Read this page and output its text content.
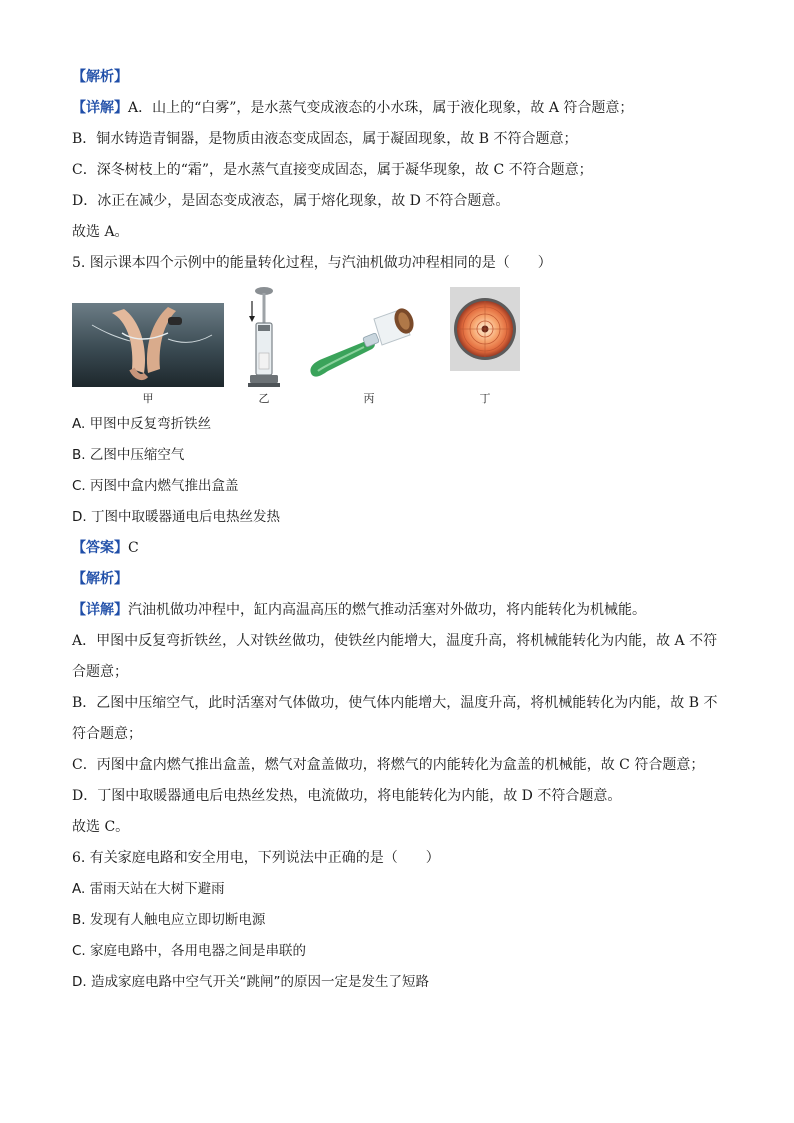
【解析】
【详解】A．山上的“白雾”，是水蒸气变成液态的小水珠，属于液化现象，故 A 符合题意；
B．铜水铸造青铜器，是物质由液态变成固态，属于凝固现象，故 B 不符合题意；
C．深冬树枝上的“霜”，是水蒸气直接变成固态，属于凝华现象，故 C 不符合题意；
D．冰正在减少，是固态变成液态，属于熔化现象，故 D 不符合题意。
故选 A。
5. 图示课本四个示例中的能量转化过程，与汽油机做功冲程相同的是（　　）
甲	乙	丙	丁
A. 甲图中反复弯折铁丝
B. 乙图中压缩空气
C. 丙图中盒内燃气推出盒盖
D. 丁图中取暖器通电后电热丝发热
【答案】C
【解析】
【详解】汽油机做功冲程中，缸内高温高压的燃气推动活塞对外做功，将内能转化为机械能。
A．甲图中反复弯折铁丝，人对铁丝做功，使铁丝内能增大，温度升高，将机械能转化为内能，故 A 不符
合题意；
B．乙图中压缩空气，此时活塞对气体做功，使气体内能增大，温度升高，将机械能转化为内能，故 B 不
符合题意；
C．丙图中盒内燃气推出盒盖，燃气对盒盖做功，将燃气的内能转化为盒盖的机械能，故 C 符合题意；
D．丁图中取暖器通电后电热丝发热，电流做功，将电能转化为内能，故 D 不符合题意。
故选 C。
6. 有关家庭电路和安全用电，下列说法中正确的是（　　）
A. 雷雨天站在大树下避雨
B. 发现有人触电应立即切断电源
C. 家庭电路中，各用电器之间是串联的
D. 造成家庭电路中空气开关“跳闸”的原因一定是发生了短路
